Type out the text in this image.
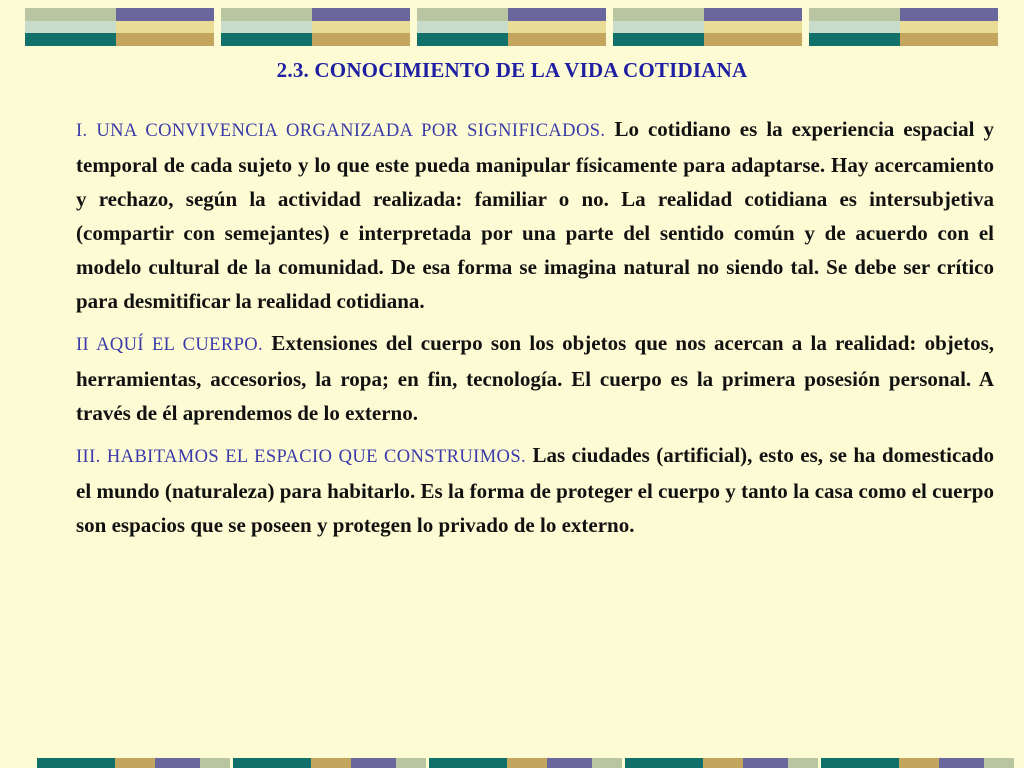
2.3. CONOCIMIENTO DE LA VIDA COTIDIANA

I. UNA CONVIVENCIA ORGANIZADA POR SIGNIFICADOS. Lo cotidiano es la experiencia espacial y temporal de cada sujeto y lo que este pueda manipular físicamente para adaptarse. Hay acercamiento y rechazo, según la actividad realizada: familiar o no. La realidad cotidiana es intersubjetiva (compartir con semejantes) e interpretada por una parte del sentido común y de acuerdo con el modelo cultural de la comunidad. De esa forma se imagina natural no siendo tal. Se debe ser crítico para desmitificar la realidad cotidiana.

II AQUÍ EL CUERPO. Extensiones del cuerpo son los objetos que nos acercan a la realidad: objetos, herramientas, accesorios, la ropa; en fin, tecnología. El cuerpo es la primera posesión personal. A través de él aprendemos de lo externo.

III. HABITAMOS EL ESPACIO QUE CONSTRUIMOS. Las ciudades (artificial), esto es, se ha domesticado el mundo (naturaleza) para habitarlo. Es la forma de proteger el cuerpo y tanto la casa como el cuerpo son espacios que se poseen y protegen lo privado de lo externo.
